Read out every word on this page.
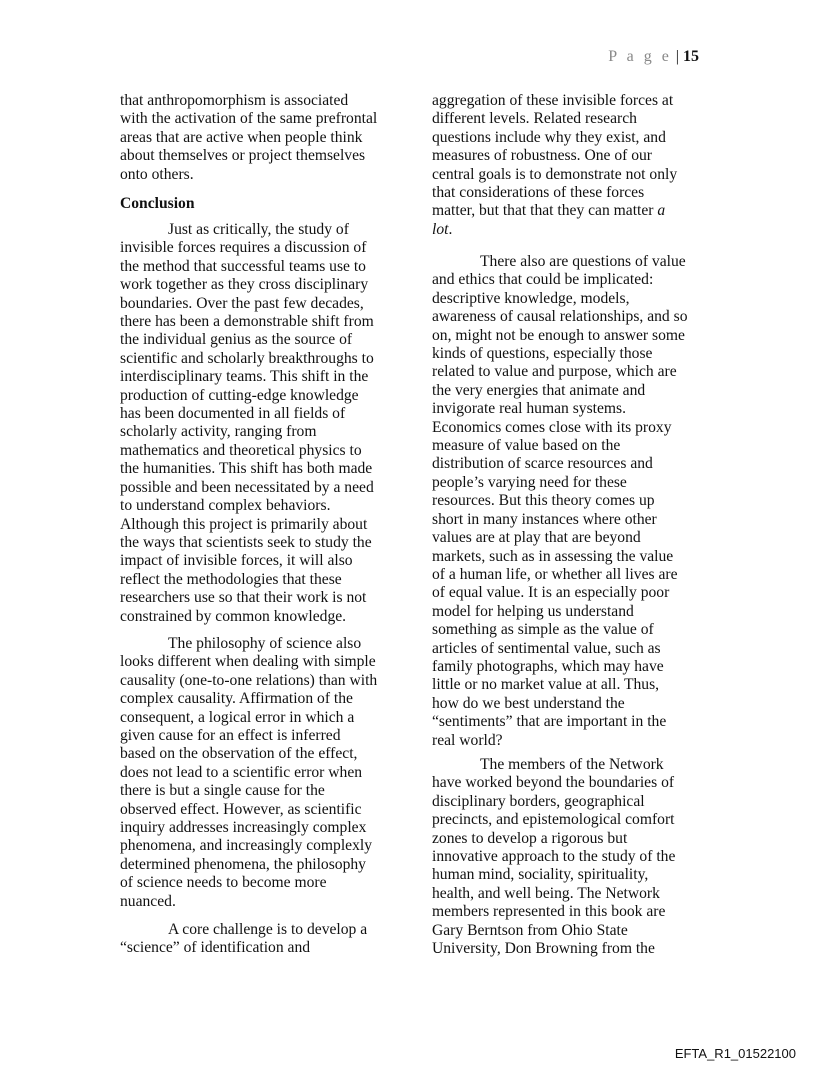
P a g e | 15
that anthropomorphism is associated
with the activation of the same prefrontal
areas that are active when people think
about themselves or project themselves
onto others.
Conclusion
Just as critically, the study of
invisible forces requires a discussion of
the method that successful teams use to
work together as they cross disciplinary
boundaries. Over the past few decades,
there has been a demonstrable shift from
the individual genius as the source of
scientific and scholarly breakthroughs to
interdisciplinary teams. This shift in the
production of cutting-edge knowledge
has been documented in all fields of
scholarly activity, ranging from
mathematics and theoretical physics to
the humanities. This shift has both made
possible and been necessitated by a need
to understand complex behaviors.
Although this project is primarily about
the ways that scientists seek to study the
impact of invisible forces, it will also
reflect the methodologies that these
researchers use so that their work is not
constrained by common knowledge.
The philosophy of science also
looks different when dealing with simple
causality (one-to-one relations) than with
complex causality. Affirmation of the
consequent, a logical error in which a
given cause for an effect is inferred
based on the observation of the effect,
does not lead to a scientific error when
there is but a single cause for the
observed effect. However, as scientific
inquiry addresses increasingly complex
phenomena, and increasingly complexly
determined phenomena, the philosophy
of science needs to become more
nuanced.
A core challenge is to develop a
“science” of identification and
aggregation of these invisible forces at
different levels. Related research
questions include why they exist, and
measures of robustness. One of our
central goals is to demonstrate not only
that considerations of these forces
matter, but that that they can matter a
lot.
There also are questions of value
and ethics that could be implicated:
descriptive knowledge, models,
awareness of causal relationships, and so
on, might not be enough to answer some
kinds of questions, especially those
related to value and purpose, which are
the very energies that animate and
invigorate real human systems.
Economics comes close with its proxy
measure of value based on the
distribution of scarce resources and
people’s varying need for these
resources. But this theory comes up
short in many instances where other
values are at play that are beyond
markets, such as in assessing the value
of a human life, or whether all lives are
of equal value. It is an especially poor
model for helping us understand
something as simple as the value of
articles of sentimental value, such as
family photographs, which may have
little or no market value at all. Thus,
how do we best understand the
“sentiments” that are important in the
real world?
The members of the Network
have worked beyond the boundaries of
disciplinary borders, geographical
precincts, and epistemological comfort
zones to develop a rigorous but
innovative approach to the study of the
human mind, sociality, spirituality,
health, and well being. The Network
members represented in this book are
Gary Berntson from Ohio State
University, Don Browning from the
EFTA_R1_01522100
